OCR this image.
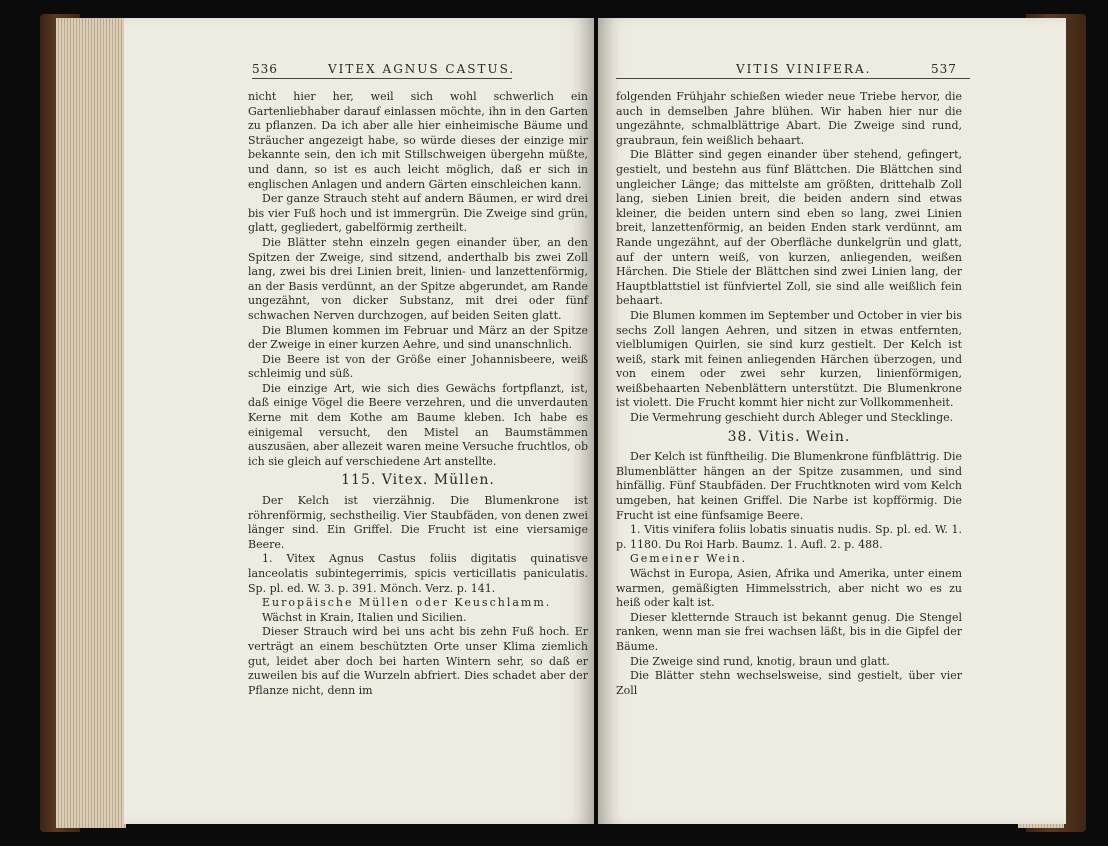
536	VITEX AGNUS CASTUS.

nicht hier her, weil sich wohl schwerlich ein Gartenliebhaber darauf einlassen möchte, ihn in den Garten zu pflanzen. Da ich aber alle hier einheimische Bäume und Sträucher angezeigt habe, so würde dieses der einzige mir bekannte sein, den ich mit Stillschweigen übergehn müßte, und dann, so ist es auch leicht möglich, daß er sich in englischen Anlagen und andern Gärten einschleichen kann.

Der ganze Strauch steht auf andern Bäumen, er wird drei bis vier Fuß hoch und ist immergrün. Die Zweige sind grün, glatt, gegliedert, gabelförmig zertheilt.

Die Blätter stehn einzeln gegen einander über, an den Spitzen der Zweige, sind sitzend, anderthalb bis zwei Zoll lang, zwei bis drei Linien breit, linien- und lanzettenförmig, an der Basis verdünnt, an der Spitze abgerundet, am Rande ungezähnt, von dicker Substanz, mit drei oder fünf schwachen Nerven durchzogen, auf beiden Seiten glatt.

Die Blumen kommen im Februar und März an der Spitze der Zweige in einer kurzen Aehre, und sind unanschnlich.

Die Beere ist von der Größe einer Johannisbeere, weiß schleimig und süß.

Die einzige Art, wie sich dies Gewächs fortpflanzt, ist, daß einige Vögel die Beere verzehren, und die unverdauten Kerne mit dem Kothe am Baume kleben. Ich habe es einigemal versucht, den Mistel an Baumstämmen auszusäen, aber allezeit waren meine Versuche fruchtlos, ob ich sie gleich auf verschiedene Art anstellte.

115. Vitex. Müllen.

Der Kelch ist vierzähnig. Die Blumenkrone ist röhrenförmig, sechstheilig. Vier Staubfäden, von denen zwei länger sind. Ein Griffel. Die Frucht ist eine viersamige Beere.

1. Vitex Agnus Castus foliis digitatis quinatisve lanceolatis subintegerrimis, spicis verticillatis paniculatis. Sp. pl. ed. W. 3. p. 391. Mönch. Verz. p. 141.

Europäische Müllen oder Keuschlamm.

Wächst in Krain, Italien und Sicilien.

Dieser Strauch wird bei uns acht bis zehn Fuß hoch. Er verträgt an einem beschützten Orte unser Klima ziemlich gut, leidet aber doch bei harten Wintern sehr, so daß er zuweilen bis auf die Wurzeln abfriert. Dies schadet aber der Pflanze nicht, denn im

VITIS VINIFERA.	537

folgenden Frühjahr schießen wieder neue Triebe hervor, die auch in demselben Jahre blühen. Wir haben hier nur die ungezähnte, schmalblättrige Abart. Die Zweige sind rund, graubraun, fein weißlich behaart.

Die Blätter sind gegen einander über stehend, gefingert, gestielt, und bestehn aus fünf Blättchen. Die Blättchen sind ungleicher Länge; das mittelste am größten, drittehalb Zoll lang, sieben Linien breit, die beiden andern sind etwas kleiner, die beiden untern sind eben so lang, zwei Linien breit, lanzettenförmig, an beiden Enden stark verdünnt, am Rande ungezähnt, auf der Oberfläche dunkelgrün und glatt, auf der untern weiß, von kurzen, anliegenden, weißen Härchen. Die Stiele der Blättchen sind zwei Linien lang, der Hauptblattstiel ist fünfviertel Zoll, sie sind alle weißlich fein behaart.

Die Blumen kommen im September und October in vier bis sechs Zoll langen Aehren, und sitzen in etwas entfernten, vielblumigen Quirlen, sie sind kurz gestielt. Der Kelch ist weiß, stark mit feinen anliegenden Härchen überzogen, und von einem oder zwei sehr kurzen, linienförmigen, weißbehaarten Nebenblättern unterstützt. Die Blumenkrone ist violett. Die Frucht kommt hier nicht zur Vollkommenheit.

Die Vermehrung geschieht durch Ableger und Stecklinge.

38. Vitis. Wein.

Der Kelch ist fünftheilig. Die Blumenkrone fünfblättrig. Die Blumenblätter hängen an der Spitze zusammen, und sind hinfällig. Fünf Staubfäden. Der Fruchtknoten wird vom Kelch umgeben, hat keinen Griffel. Die Narbe ist kopfförmig. Die Frucht ist eine fünfsamige Beere.

1. Vitis vinifera foliis lobatis sinuatis nudis. Sp. pl. ed. W. 1. p. 1180. Du Roi Harb. Baumz. 1. Aufl. 2. p. 488.

Gemeiner Wein.

Wächst in Europa, Asien, Afrika und Amerika, unter einem warmen, gemäßigten Himmelsstrich, aber nicht wo es zu heiß oder kalt ist.

Dieser kletternde Strauch ist bekannt genug. Die Stengel ranken, wenn man sie frei wachsen läßt, bis in die Gipfel der Bäume.

Die Zweige sind rund, knotig, braun und glatt.

Die Blätter stehn wechselsweise, sind gestielt, über vier Zoll
